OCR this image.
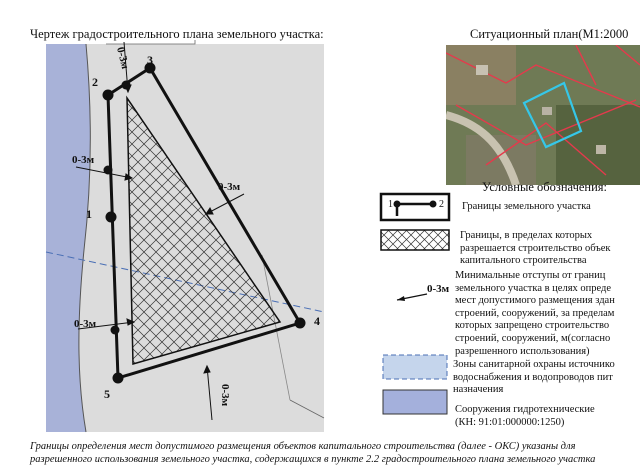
Чертеж градостроительного плана земельного участка:	Ситуационный план(М1:2000
1
2
3
4
5
0-3м
0-3м
0-3м
0-3м
0-3м
Условные обозначения:
1	2
0-3м
Границы земельного участка
Границы, в пределах которых
разрешается строительство объек
капитального строительства
Минимальные отступы от границ
земельного участка в целях опреде
мест допустимого размещения здан
строений, сооружений, за пределам
которых запрещено строительство
строений, сооружений, м(согласно
разрешенного использования)
Зоны санитарной охраны источнико
водоснабжения и водопроводов пит
назначения
Сооружения гидротехнические
(КН: 91:01:000000:1250)
Границы определения мест допустимого размещения объектов капитального строительства (далее - ОКС) указаны для
разрешенного использования земельного участка, содержащихся в пункте 2.2 градостроительного плана земельного участка
